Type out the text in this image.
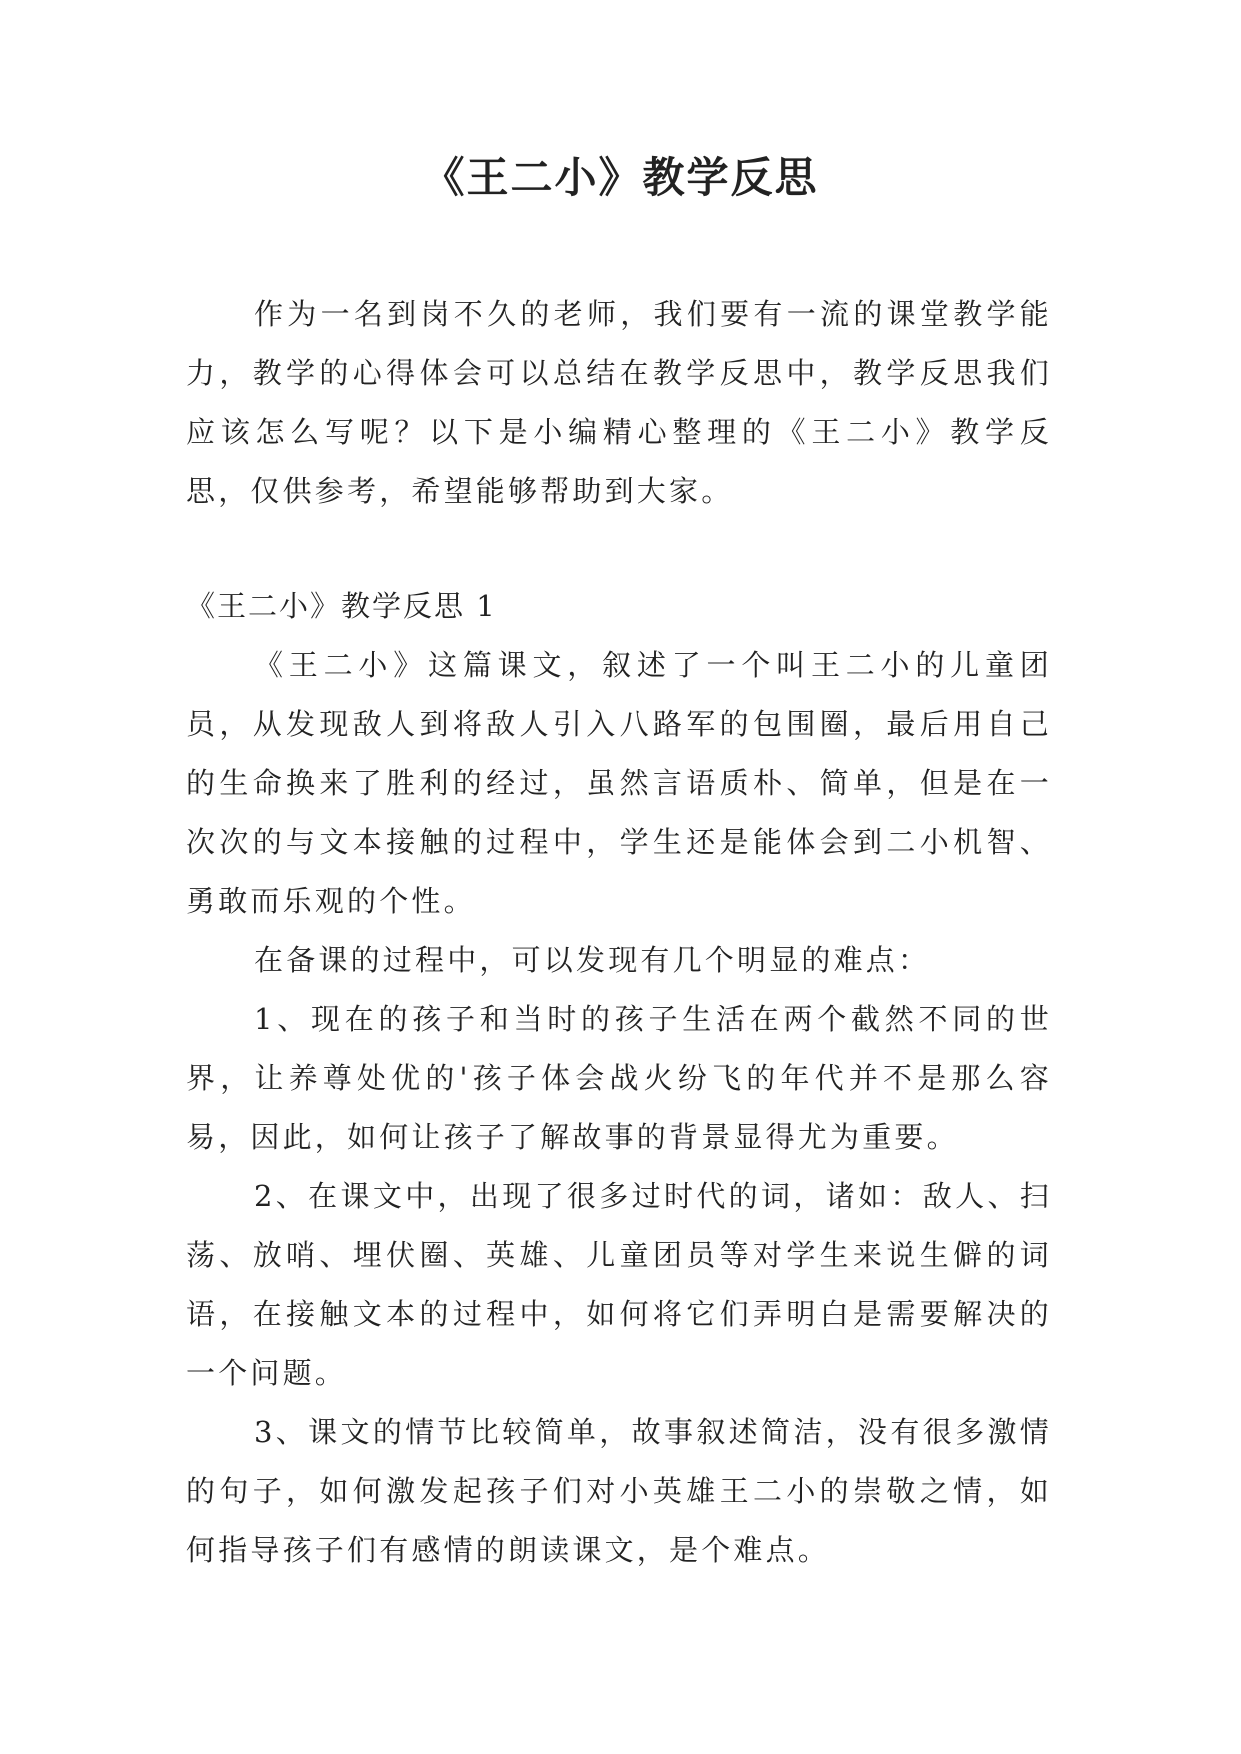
《王二小》教学反思

作为一名到岗不久的老师，我们要有一流的课堂教学能力，教学的心得体会可以总结在教学反思中，教学反思我们应该怎么写呢？以下是小编精心整理的《王二小》教学反思，仅供参考，希望能够帮助到大家。

《王二小》教学反思 1

《王二小》这篇课文，叙述了一个叫王二小的儿童团员，从发现敌人到将敌人引入八路军的包围圈，最后用自己的生命换来了胜利的经过，虽然言语质朴、简单，但是在一次次的与文本接触的过程中，学生还是能体会到二小机智、勇敢而乐观的个性。

在备课的过程中，可以发现有几个明显的难点：

1、现在的孩子和当时的孩子生活在两个截然不同的世界，让养尊处优的'孩子体会战火纷飞的年代并不是那么容易，因此，如何让孩子了解故事的背景显得尤为重要。

2、在课文中，出现了很多过时代的词，诸如：敌人、扫荡、放哨、埋伏圈、英雄、儿童团员等对学生来说生僻的词语，在接触文本的过程中，如何将它们弄明白是需要解决的一个问题。

3、课文的情节比较简单，故事叙述简洁，没有很多激情的句子，如何激发起孩子们对小英雄王二小的崇敬之情，如何指导孩子们有感情的朗读课文，是个难点。
